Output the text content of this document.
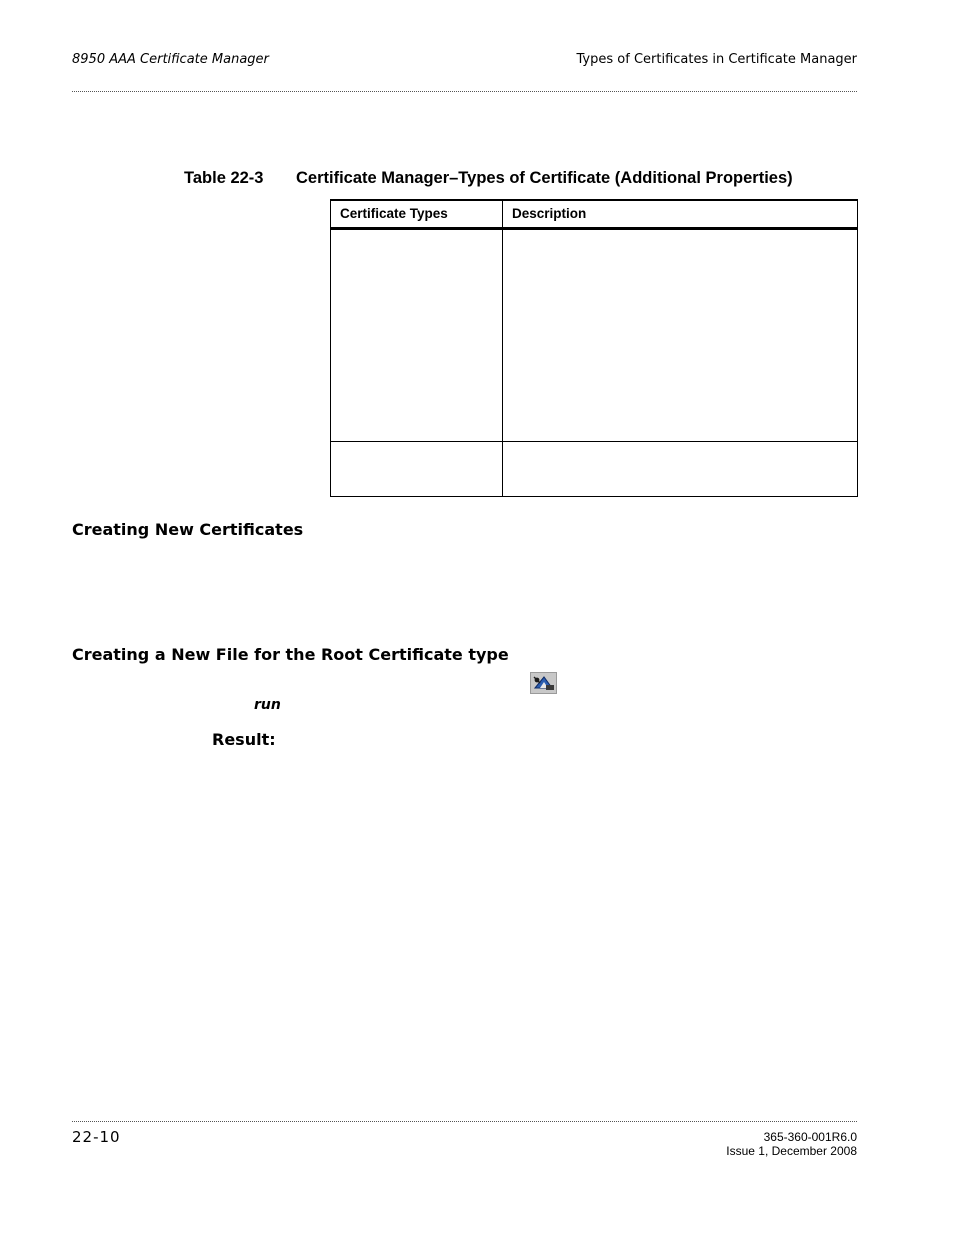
8950 AAA Certificate Manager	Types of Certificates in Certificate Manager
Table 22-3 Certificate Manager–Types of Certificate (Additional Properties)
Certificate Types	Description

Creating New Certificates
Creating a New File for the Root Certificate type
run
Result:
22-10	365-360-001R6.0
Issue 1, December 2008
